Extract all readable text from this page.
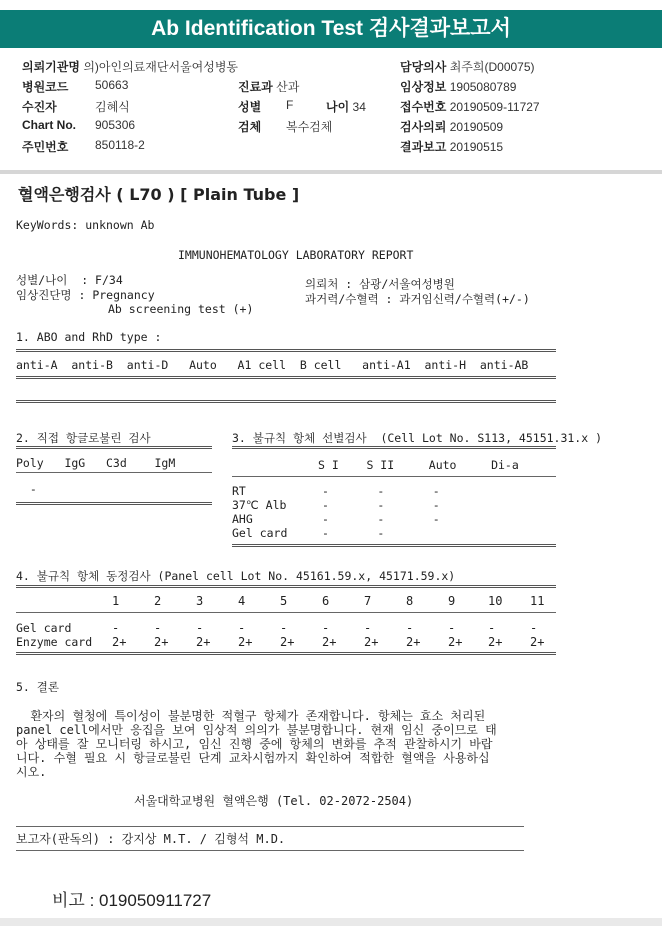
Ab Identification Test 검사결과보고서
의뢰기관명 의)아인의료재단서울여성병동	담당의사 최주희(D00075)
병원코드 50663	진료과 산과	임상정보 1905080789
수진자	김혜식	성별 F	나이 34	접수번호 20190509-11727
Chart No. 905306	검체 복수검체	검사의뢰 20190509
주민번호 850118-2	결과보고 20190515
혈액은행검사 ( L70 ) [ Plain Tube ]
KeyWords: unknown Ab
IMMUNOHEMATOLOGY LABORATORY REPORT
성별/나이  : F/34
임상진단명 : Pregnancy
Ab screening test (+)
의뢰처 : 삼광/서울여성병원
과거력/수혈력 : 과거임신력/수혈력(+/-)
1. ABO and RhD type :
anti-A  anti-B  anti-D   Auto   A1 cell  B cell   anti-A1  anti-H  anti-AB
2. 직접 항글로불린 검사
Poly   IgG   C3d    IgM
-
3. 불규칙 항체 선별검사  (Cell Lot No. S113, 45151.31.x )
S I    S II     Auto     Di-a
RT	-       -       -
37℃ Alb	-       -       -
AHG	-       -       -
Gel card	-       -
4. 불규칙 항체 동정검사 (Panel cell Lot No. 45161.59.x, 45171.59.x)
1	2	3	4	5	6	7	8	9	10 11
Gel card	-	-	-	-	-	-	-	-	-	-	-
Enzyme card 2+ 2+ 2+ 2+ 2+ 2+ 2+ 2+ 2+ 2+ 2+
5. 결론
환자의 혈청에 특이성이 불분명한 적혈구 항체가 존재합니다. 항체는 효소 처리된
panel cell에서만 응집을 보여 임상적 의의가 불분명합니다. 현재 임신 중이므로 태
아 상태를 잘 모니터링 하시고, 임신 진행 중에 항체의 변화를 추적 관찰하시기 바랍
니다. 수혈 필요 시 항글로불린 단계 교차시험까지 확인하여 적합한 혈액을 사용하십
시오.
서울대학교병원 혈액은행 (Tel. 02-2072-2504)
보고자(판독의) : 강지상 M.T. / 김형석 M.D.
비고 : 019050911727
